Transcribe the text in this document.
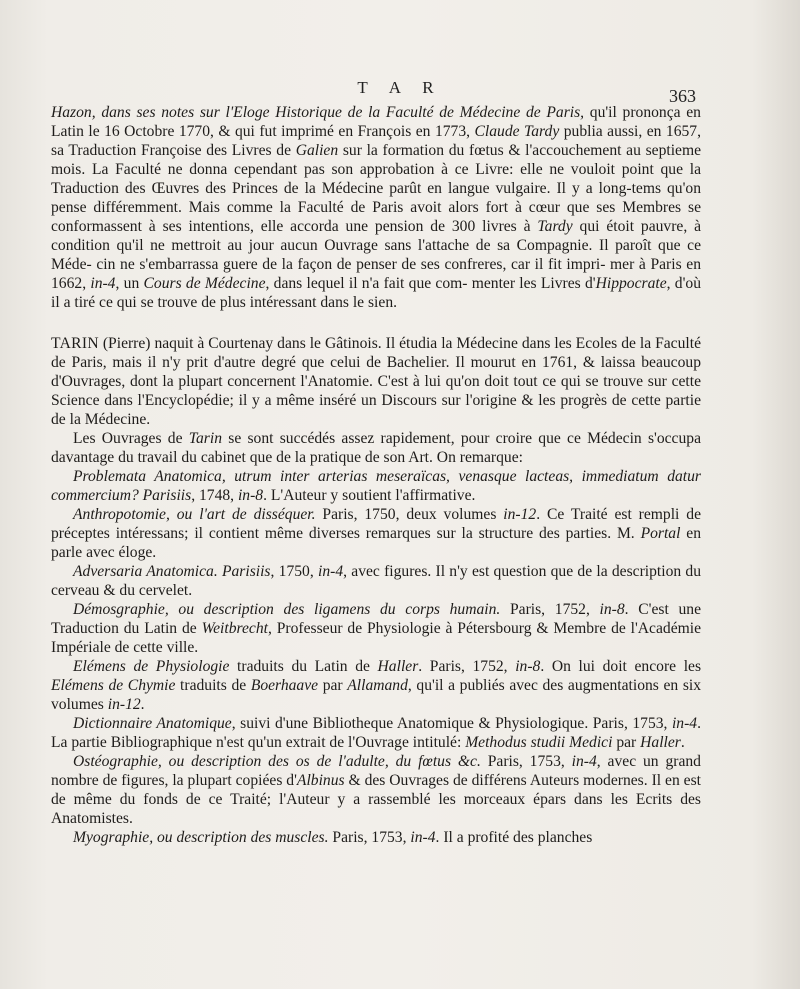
T A R	363

Hazon, dans ses notes sur l'Eloge Historique de la Faculté de Médecine de Paris, qu'il prononça en Latin le 16 Octobre 1770, & qui fut imprimé en François en 1773, Claude Tardy publia aussi, en 1657, sa Traduction Françoise des Livres de Galien sur la formation du fœtus & l'accouchement au septieme mois. La Faculté ne donna cependant pas son approbation à ce Livre: elle ne vouloit point que la Traduction des Œuvres des Princes de la Médecine parût en langue vulgaire. Il y a long-tems qu'on pense différemment. Mais comme la Faculté de Paris avoit alors fort à cœur que ses Membres se conformassent à ses intentions, elle accorda une pension de 300 livres à Tardy qui étoit pauvre, à condition qu'il ne mettroit au jour aucun Ouvrage sans l'attache de sa Compagnie. Il paroît que ce Méde- cin ne s'embarrassa guere de la façon de penser de ses confreres, car il fit impri- mer à Paris en 1662, in-4, un Cours de Médecine, dans lequel il n'a fait que com- menter les Livres d'Hippocrate, d'où il a tiré ce qui se trouve de plus intéressant dans le sien.

TARIN (Pierre) naquit à Courtenay dans le Gâtinois. Il étudia la Médecine dans les Ecoles de la Faculté de Paris, mais il n'y prit d'autre degré que celui de Bachelier. Il mourut en 1761, & laissa beaucoup d'Ouvrages, dont la plupart concernent l'Anatomie. C'est à lui qu'on doit tout ce qui se trouve sur cette Science dans l'Encyclopédie; il y a même inséré un Discours sur l'origine & les progrès de cette partie de la Médecine.

Les Ouvrages de Tarin se sont succédés assez rapidement, pour croire que ce Médecin s'occupa davantage du travail du cabinet que de la pratique de son Art. On remarque:

Problemata Anatomica, utrum inter arterias meseraïcas, venasque lacteas, immediatum datur commercium? Parisiis, 1748, in-8. L'Auteur y soutient l'affirmative.

Anthropotomie, ou l'art de disséquer. Paris, 1750, deux volumes in-12. Ce Traité est rempli de préceptes intéressans; il contient même diverses remarques sur la structure des parties. M. Portal en parle avec éloge.

Adversaria Anatomica. Parisiis, 1750, in-4, avec figures. Il n'y est question que de la description du cerveau & du cervelet.

Démosgraphie, ou description des ligamens du corps humain. Paris, 1752, in-8. C'est une Traduction du Latin de Weitbrecht, Professeur de Physiologie à Pétersbourg & Membre de l'Académie Impériale de cette ville.

Elémens de Physiologie traduits du Latin de Haller. Paris, 1752, in-8. On lui doit encore les Elémens de Chymie traduits de Boerhaave par Allamand, qu'il a publiés avec des augmentations en six volumes in-12.

Dictionnaire Anatomique, suivi d'une Bibliotheque Anatomique & Physiologique. Paris, 1753, in-4. La partie Bibliographique n'est qu'un extrait de l'Ouvrage intitulé: Methodus studii Medici par Haller.

Ostéographie, ou description des os de l'adulte, du fœtus &c. Paris, 1753, in-4, avec un grand nombre de figures, la plupart copiées d'Albinus & des Ouvrages de différens Auteurs modernes. Il en est de même du fonds de ce Traité; l'Auteur y a rassemblé les morceaux épars dans les Ecrits des Anatomistes.

Myographie, ou description des muscles. Paris, 1753, in-4. Il a profité des planches
